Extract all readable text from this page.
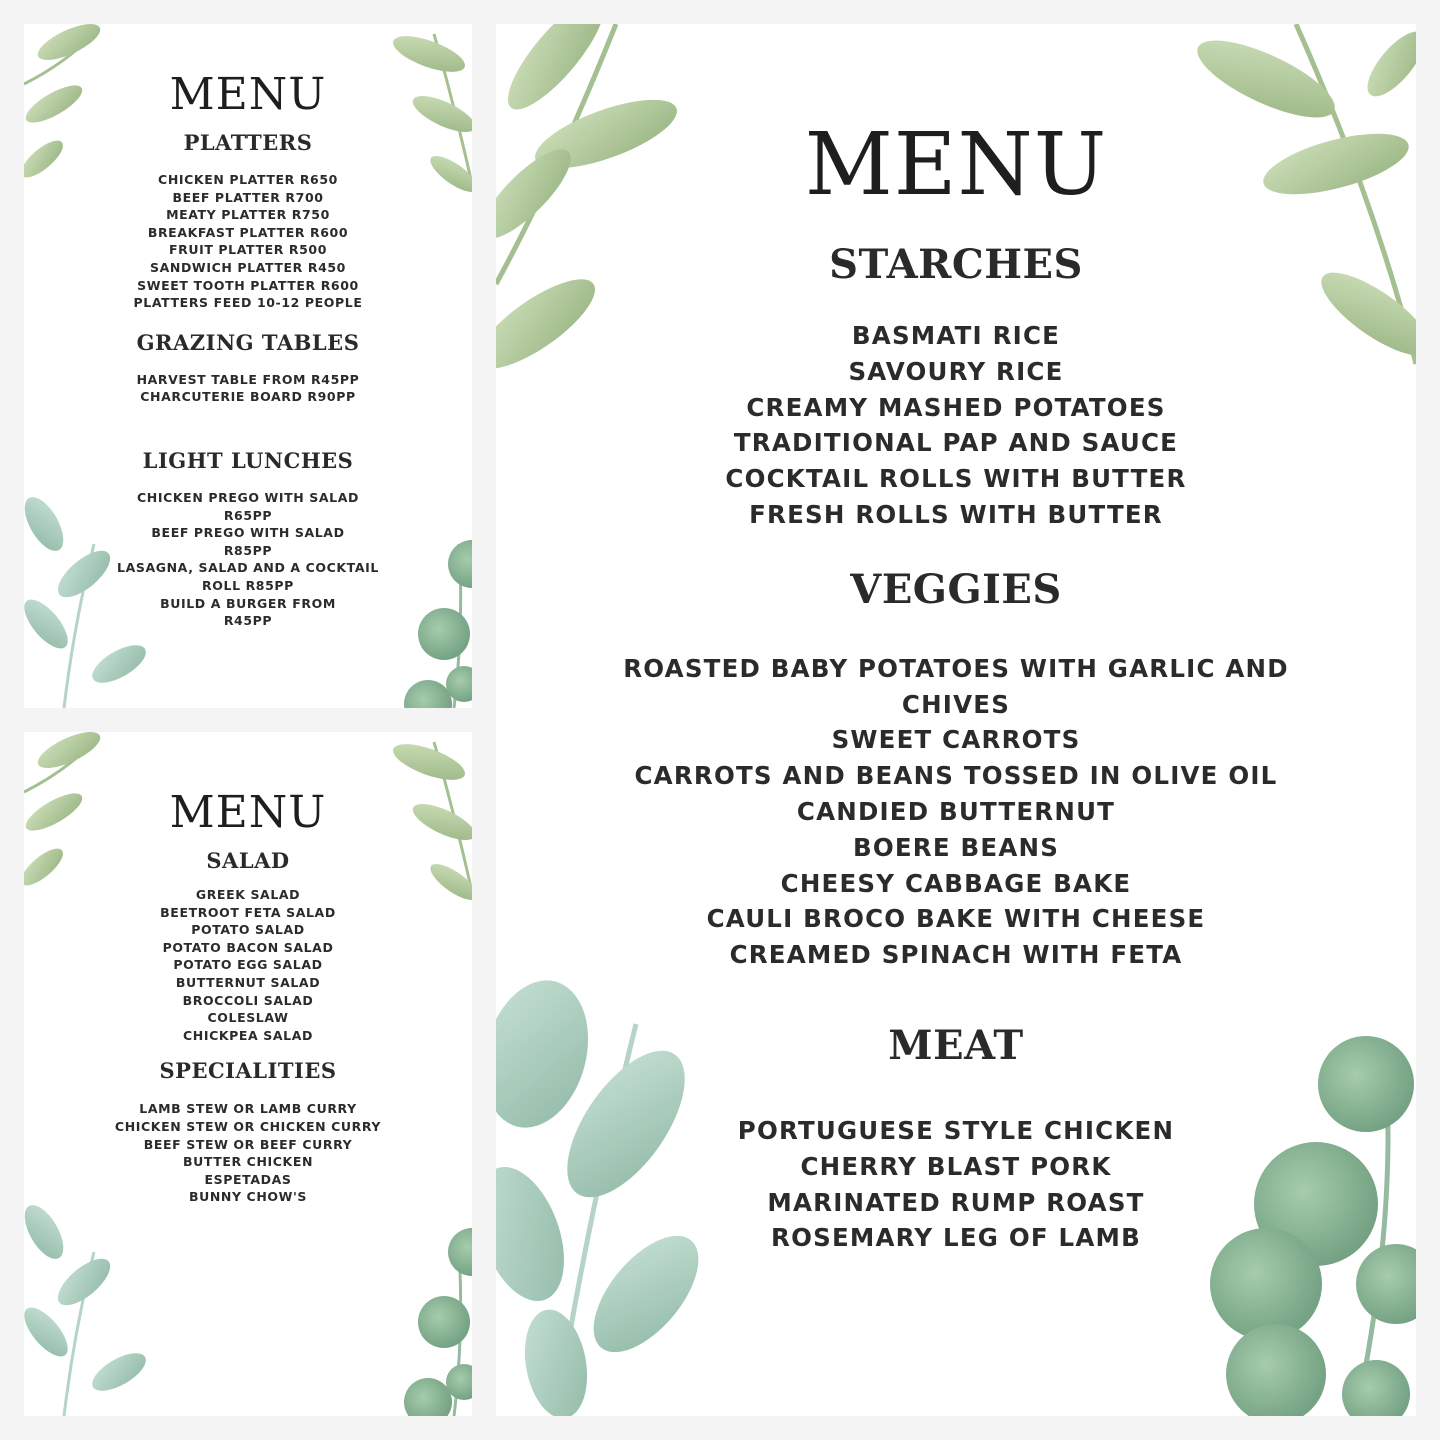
MENU
PLATTERS
CHICKEN PLATTER R650
BEEF PLATTER R700
MEATY PLATTER R750
BREAKFAST PLATTER R600
FRUIT PLATTER R500
SANDWICH PLATTER R450
SWEET TOOTH PLATTER R600
PLATTERS FEED 10-12 PEOPLE
GRAZING TABLES
HARVEST TABLE FROM R45PP
CHARCUTERIE BOARD R90PP
LIGHT LUNCHES
CHICKEN PREGO WITH SALAD
R65PP
BEEF PREGO WITH SALAD
R85PP
LASAGNA, SALAD AND A COCKTAIL
ROLL R85PP
BUILD A BURGER FROM
R45PP
MENU
SALAD
GREEK SALAD
BEETROOT FETA SALAD
POTATO SALAD
POTATO BACON SALAD
POTATO EGG SALAD
BUTTERNUT SALAD
BROCCOLI SALAD
COLESLAW
CHICKPEA SALAD
SPECIALITIES
LAMB STEW OR LAMB CURRY
CHICKEN STEW OR CHICKEN CURRY
BEEF STEW OR BEEF CURRY
BUTTER CHICKEN
ESPETADAS
BUNNY CHOW'S
MENU
STARCHES
BASMATI RICE
SAVOURY RICE
CREAMY MASHED POTATOES
TRADITIONAL PAP AND SAUCE
COCKTAIL ROLLS WITH BUTTER
FRESH ROLLS WITH BUTTER
VEGGIES
ROASTED BABY POTATOES WITH GARLIC AND
CHIVES
SWEET CARROTS
CARROTS AND BEANS TOSSED IN OLIVE OIL
CANDIED BUTTERNUT
BOERE BEANS
CHEESY CABBAGE BAKE
CAULI BROCO BAKE WITH CHEESE
CREAMED SPINACH WITH FETA
MEAT
PORTUGUESE STYLE CHICKEN
CHERRY BLAST PORK
MARINATED RUMP ROAST
ROSEMARY LEG OF LAMB
